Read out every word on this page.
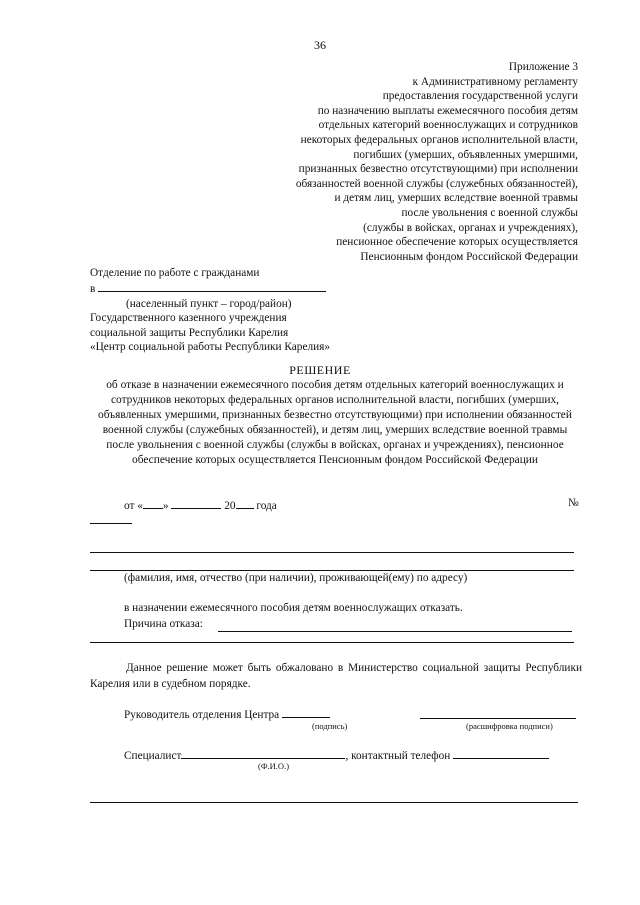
36
Приложение 3
к Административному регламенту
предоставления государственной услуги
по назначению выплаты ежемесячного пособия детям
отдельных категорий военнослужащих и сотрудников
некоторых федеральных органов исполнительной власти,
погибших (умерших, объявленных умершими,
признанных безвестно отсутствующими) при исполнении
обязанностей военной службы (служебных обязанностей),
и детям лиц, умерших вследствие военной травмы
после увольнения с военной службы
(службы в войсках, органах и учреждениях),
пенсионное обеспечение которых осуществляется
Пенсионным фондом Российской Федерации
Отделение по работе с гражданами
в
(населенный пункт – город/район)
Государственного казенного учреждения
социальной защиты Республики Карелия
«Центр социальной работы Республики Карелия»
РЕШЕНИЕ
об отказе в назначении ежемесячного пособия детям отдельных категорий военнослужащих и сотрудников некоторых федеральных органов исполнительной власти, погибших (умерших, объявленных умершими, признанных безвестно отсутствующими) при исполнении обязанностей военной службы (служебных обязанностей), и детям лиц, умерших вследствие военной травмы после увольнения с военной службы (службы в войсках, органах и учреждениях), пенсионное обеспечение которых осуществляется Пенсионным фондом Российской Федерации
от « »	20 года	№
(фамилия, имя, отчество (при наличии), проживающей(ему) по адресу)
в назначении ежемесячного пособия детям военнослужащих отказать.
Причина отказа:
Данное решение может быть обжаловано в Министерство социальной защиты Республики Карелия или в судебном порядке.
Руководитель отделения Центра
(подпись)	(расшифровка подписи)
Специалист	, контактный телефон
(Ф.И.О.)
